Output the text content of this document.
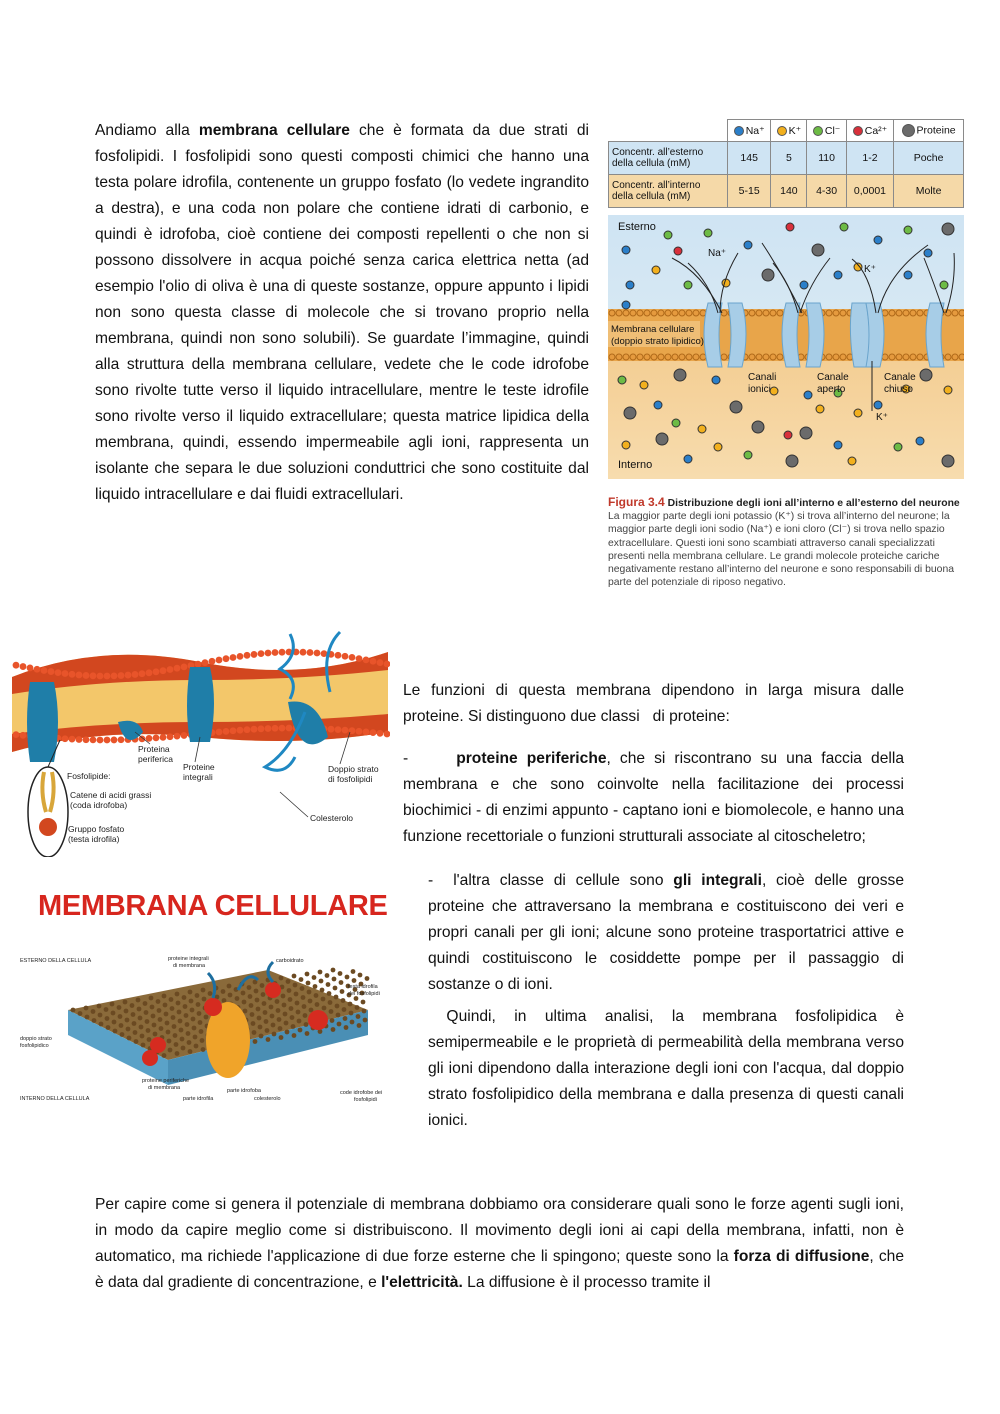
Andiamo alla membrana cellulare che è formata da due strati di fosfolipidi. I fosfolipidi sono questi composti chimici che hanno una testa polare idrofila, contenente un gruppo fosfato (lo vedete ingrandito a destra), e una coda non polare che contiene idrati di carbonio, e quindi è idrofoba, cioè contiene dei composti repellenti o che non si possono dissolvere in acqua poiché senza carica elettrica netta (ad esempio l'olio di oliva è una di queste sostanze, oppure appunto i lipidi non sono questa classe di molecole che si trovano proprio nella membrana, quindi non sono solubili). Se guardate l’immagine, quindi alla struttura della membrana cellulare, vedete che le code idrofobe sono rivolte tutte verso il liquido intracellulare, mentre le teste idrofile sono rivolte verso il liquido extracellulare; questa matrice lipidica della membrana, quindi, essendo impermeabile agli ioni, rappresenta un isolante che separa le due soluzioni conduttrici che sono costituite dal liquido intracellulare e dai fluidi extracellulari.
	Na⁺	K⁺	Cl⁻	Ca²⁺	Proteine
Concentr. all’esterno della cellula (mM)	145	5	110	1-2	Poche
Concentr. all’interno della cellula (mM)	5-15	140	4-30	0,0001	Molte
Esterno
Interno
Na⁺
K⁺
K⁺
Membrana cellulare
(doppio strato lipidico)
Canali
ionici
Canale
aperto
Canale
chiuso
Figura 3.4 Distribuzione degli ioni all’interno e all’esterno del neurone La maggior parte degli ioni potassio (K⁺) si trova all’interno del neurone; la maggior parte degli ioni sodio (Na⁺) e ioni cloro (Cl⁻) si trova nello spazio extracellulare. Questi ioni sono scambiati attraverso canali specializzati presenti nella membrana cellulare. Le grandi molecole proteiche cariche negativamente restano all’interno del neurone e sono responsabili di buona parte del potenziale di riposo negativo.
Proteina
periferica
Proteine
integrali
Doppio strato
di fosfolipidi
Fosfolipide:
Catene di acidi grassi
(coda idrofoba)
Gruppo fosfato
(testa idrofila)
Colesterolo
MEMBRANA CELLULARE
ESTERNO DELLA CELLULA
INTERNO DELLA CELLULA
proteine integrali
di membrana
carboidrato
testa idrofila
dei fosfolipidi
doppio strato
fosfolipidico
proteine periferiche
di membrana	parte idrofoba
parte idrofila	colesterolo
code idrofobe dei
fosfolipidi
Le funzioni di questa membrana dipendono in larga misura dalle proteine. Si distinguono due classi   di proteine:
-	proteine periferiche, che si riscontrano su una faccia della membrana e che sono coinvolte nella facilitazione dei processi biochimici - di enzimi appunto - captano ioni e biomolecole, e hanno una funzione recettoriale o funzioni strutturali associate al citoscheletro;
- l'altra classe di cellule sono gli integrali, cioè delle grosse proteine che attraversano la membrana e costituiscono dei veri e propri canali per gli ioni; alcune sono proteine trasportatrici attive e quindi costituiscono le cosiddette pompe per il passaggio di sostanze o di ioni.
Quindi, in ultima analisi, la membrana fosfolipidica è semipermeabile e le proprietà di permeabilità della membrana verso gli ioni dipendono dalla interazione degli ioni con l'acqua, dal doppio strato fosfolipidico della membrana e dalla presenza di questi canali ionici.
Per capire come si genera il potenziale di membrana dobbiamo ora considerare quali sono le forze agenti sugli ioni, in modo da capire meglio come si distribuiscono. Il movimento degli ioni ai capi della membrana, infatti, non è automatico, ma richiede l'applicazione di due forze esterne che li spingono; queste sono la forza di diffusione, che è data dal gradiente di concentrazione, e l'elettricità. La diffusione è il processo tramite il
